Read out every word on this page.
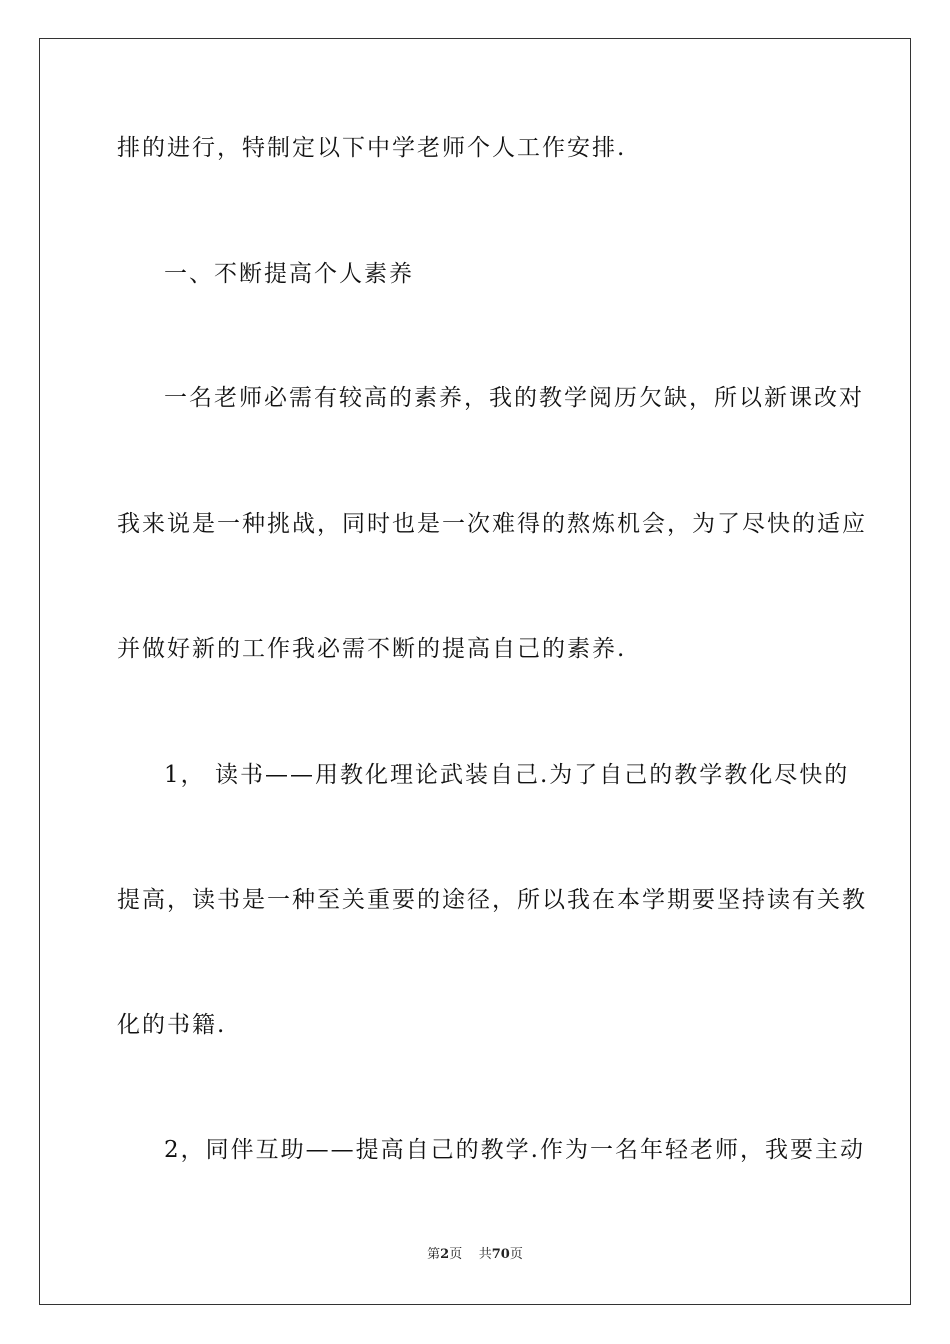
排的进行，特制定以下中学老师个人工作安排.
一、不断提高个人素养
一名老师必需有较高的素养，我的教学阅历欠缺，所以新课改对
我来说是一种挑战，同时也是一次难得的熬炼机会，为了尽快的适应
并做好新的工作我必需不断的提高自己的素养.
1， 读书——用教化理论武装自己.为了自己的教学教化尽快的
提高，读书是一种至关重要的途径，所以我在本学期要坚持读有关教
化的书籍.
2，同伴互助——提高自己的教学.作为一名年轻老师，我要主动
第2页 共70页
